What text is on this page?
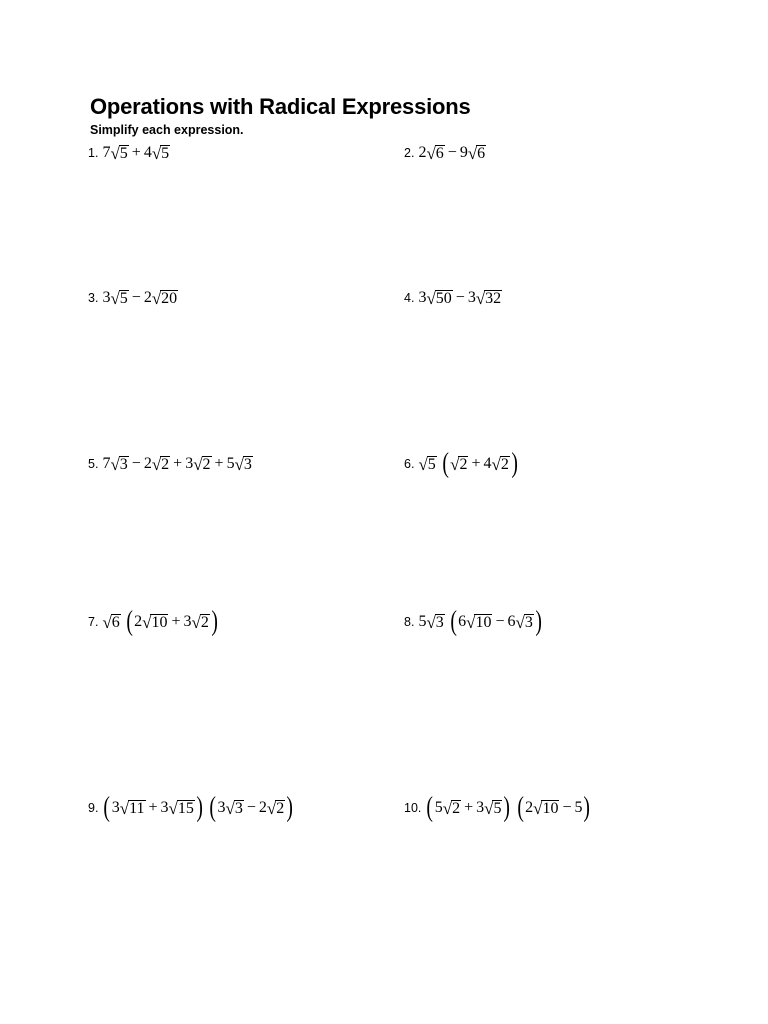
Operations with Radical Expressions

Simplify each expression.

1. 7 √ 5 + 4 √ 5	2. 2 √ 6 − 9 √ 6
3. 3 √ 5 − 2 √ 20	4. 3 √ 50 − 3 √ 32
5. 7 √ 3 − 2 √ 2 + 3 √ 2 + 5 √ 3	6. √ 5 ( √ 2 + 4 √ 2 )
7. √ 6 ( 2 √ 10 + 3 √ 2 )	8. 5 √ 3 ( 6 √ 10 − 6 √ 3 )
9. ( 3 √ 11 + 3 √ 15 ) ( 3 √ 3 − 2 √ 2 )	10. ( 5 √ 2 + 3 √ 5 ) ( 2 √ 10 − 5 )
